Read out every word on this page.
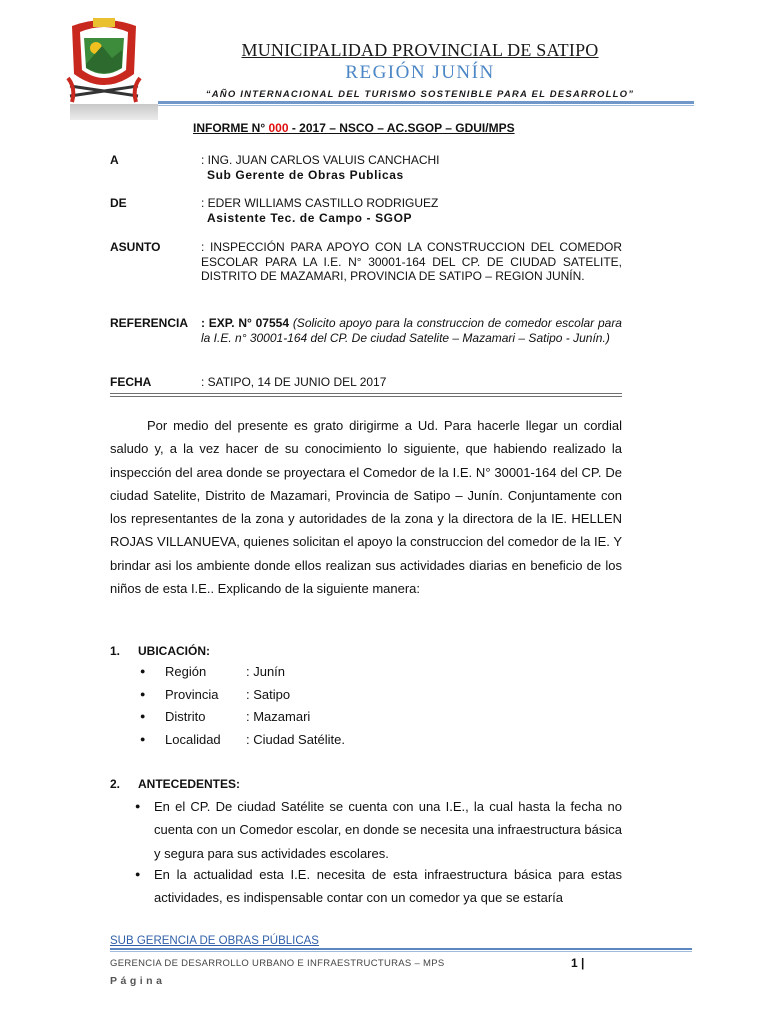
MUNICIPALIDAD PROVINCIAL DE SATIPO
REGIÓN JUNÍN
“AÑO INTERNACIONAL DEL TURISMO SOSTENIBLE PARA EL DESARROLLO”
INFORME N° 000 - 2017 – NSCO – AC.SGOP – GDUI/MPS
A	: ING. JUAN CARLOS VALUIS CANCHACHI
Sub Gerente de Obras Publicas
DE	: EDER WILLIAMS CASTILLO RODRIGUEZ
Asistente Tec. de Campo - SGOP
ASUNTO	: INSPECCIÓN PARA APOYO CON LA CONSTRUCCION DEL COMEDOR ESCOLAR PARA LA I.E. N° 30001-164 DEL CP. DE CIUDAD SATELITE, DISTRITO DE MAZAMARI, PROVINCIA DE SATIPO – REGION JUNÍN.
REFERENCIA : EXP. N° 07554 (Solicito apoyo para la construccion de comedor escolar para la I.E. n° 30001-164 del CP. De ciudad Satelite – Mazamari – Satipo - Junín.)
FECHA	: SATIPO, 14 DE JUNIO DEL 2017
Por medio del presente es grato dirigirme a Ud. Para hacerle llegar un cordial saludo y, a la vez hacer de su conocimiento lo siguiente, que habiendo realizado la inspección del area donde se proyectara el Comedor de la I.E. N° 30001-164 del CP. De ciudad Satelite, Distrito de Mazamari, Provincia de Satipo – Junín. Conjuntamente con los representantes de la zona y autoridades de la zona y la directora de la IE. HELLEN ROJAS VILLANUEVA, quienes solicitan el apoyo la construccion del comedor de la IE. Y brindar asi los ambiente donde ellos realizan sus actividades diarias en beneficio de los niños de esta I.E.. Explicando de la siguiente manera:
1. UBICACIÓN:
● Región	: Junín
● Provincia : Satipo
● Distrito	: Mazamari
● Localidad : Ciudad Satélite.
2. ANTECEDENTES:
● En el CP. De ciudad Satélite se cuenta con una I.E., la cual hasta la fecha no cuenta con un Comedor escolar, en donde se necesita una infraestructura básica y segura para sus actividades escolares.
● En la actualidad esta I.E. necesita de esta infraestructura básica para estas actividades, es indispensable contar con un comedor ya que se estaría
SUB GERENCIA DE OBRAS PÚBLICAS
GERENCIA DE DESARROLLO URBANO E INFRAESTRUCTURAS – MPS	1 |
Página
